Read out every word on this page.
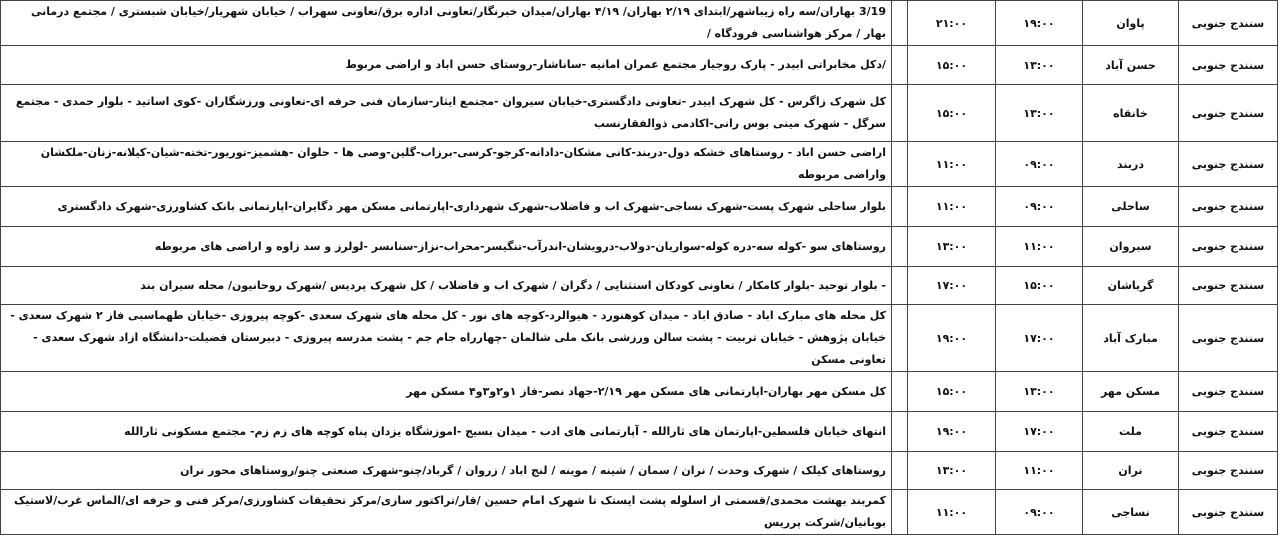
سنندج جنوبی	پاوان	۱۹:۰۰	۲۱:۰۰		3/19 بهاران/سه راه زیباشهر/ابتدای ۲/۱۹ بهاران/ ۴/۱۹ بهاران/میدان خبرنگار/تعاونی اداره برق/تعاونی سهراب / خیابان شهریار/خیابان شبستری / مجتمع درمانی بهار / مرکز هواشناسی فرودگاه /
سنندج جنوبی	حسن آباد	۱۳:۰۰	۱۵:۰۰		/دکل مخابراتی ابیدر - پارک روجیار مجتمع عمران امانیه -ساناشار-روستای حسن اباد و اراضی مربوط
سنندج جنوبی	خانقاه	۱۳:۰۰	۱۵:۰۰		کل شهرک زاگرس - کل شهرک ابیدر -تعاونی دادگستری-خیابان سیروان -مجتمع ایثار-سازمان فنی حرفه ای-تعاونی ورزشگاران -کوی اساتید - بلوار حمدی - مجتمع سرگل - شهرک مینی بوس رانی-اکادمی ذوالفقارنسب
سنندج جنوبی	دربند	۰۹:۰۰	۱۱:۰۰		اراضی حسن اباد - روستاهای خشکه دول-دربند-کانی مشکان-دادانه-کرجو-کرسی-برزاب-گلین-وصی ها - حلوان -هشمیز-توریور-تخته-شیان-کیلانه-زنان-ملکشان واراضی مربوطه
سنندج جنوبی	ساحلی	۰۹:۰۰	۱۱:۰۰		بلوار ساحلی شهرک پست-شهرک نساجی-شهرک اب و فاضلاب-شهرک شهرداری-اپارتمانی مسکن مهر دگایران-اپارتمانی بانک کشاورزی-شهرک دادگستری
سنندج جنوبی	سیروان	۱۱:۰۰	۱۳:۰۰		روستاهای سو -کوله سه-دره کوله-سواریان-دولاب-درویشان-اندرآب-تنگیسر-محراب-نزاز-سنانسر -لولرز و سد زاوه و اراضی های مربوطه
سنندج جنوبی	گریاشان	۱۵:۰۰	۱۷:۰۰		- بلوار توحید -بلوار کامکار / تعاونی کودکان استثنایی / دگران / شهرک اب و فاضلاب / کل شهرک پردیس /شهرک روحانیون/ محله سیران بند
سنندج جنوبی	مبارک آباد	۱۷:۰۰	۱۹:۰۰		کل محله های مبارک اباد - صادق اباد - میدان کوهنورد - هیوالرد-کوچه های نور - کل محله های شهرک سعدی -کوچه پیروزی -خیابان طهماسبی فاز ۲ شهرک سعدی - خیابان پژوهش - خیابان تربیت - پشت سالن ورزشی بانک ملی شالمان -چهارراه جام جم - پشت مدرسه پیروزی - دبیرستان فضیلت-دانشگاه ازاد شهرک سعدی - تعاونی مسکن
سنندج جنوبی	مسکن مهر	۱۳:۰۰	۱۵:۰۰		کل مسکن مهر بهاران-اپارتمانی های مسکن مهر ۲/۱۹-جهاد نصر-فاز ۱و۲و۳و۴ مسکن مهر
سنندج جنوبی	ملت	۱۷:۰۰	۱۹:۰۰		انتهای خیابان فلسطین-اپارتمان های ثارالله - آپارتمانی های ادب - میدان بسیج -اموزشگاه یزدان پناه کوچه های زم زم- مجتمع مسکونی ثارالله
سنندج جنوبی	نران	۱۱:۰۰	۱۳:۰۰		روستاهای کیلک / شهرک وحدت / نران / سمان / شینه / موینه / لنج اباد / زروان / گرباد/چنو-شهرک صنعتی چنو/روستاهای محور نران
سنندج جنوبی	نساجی	۰۹:۰۰	۱۱:۰۰		کمربند بهشت محمدی/قسمتی از اسلوله پشت ایستک تا شهرک امام حسین /قار/تراکتور سازی/مرکز تحقیقات کشاورزی/مرکز فنی و حرفه ای/الماس غرب/لاستیک بوبانیان/شرکت پرریس
